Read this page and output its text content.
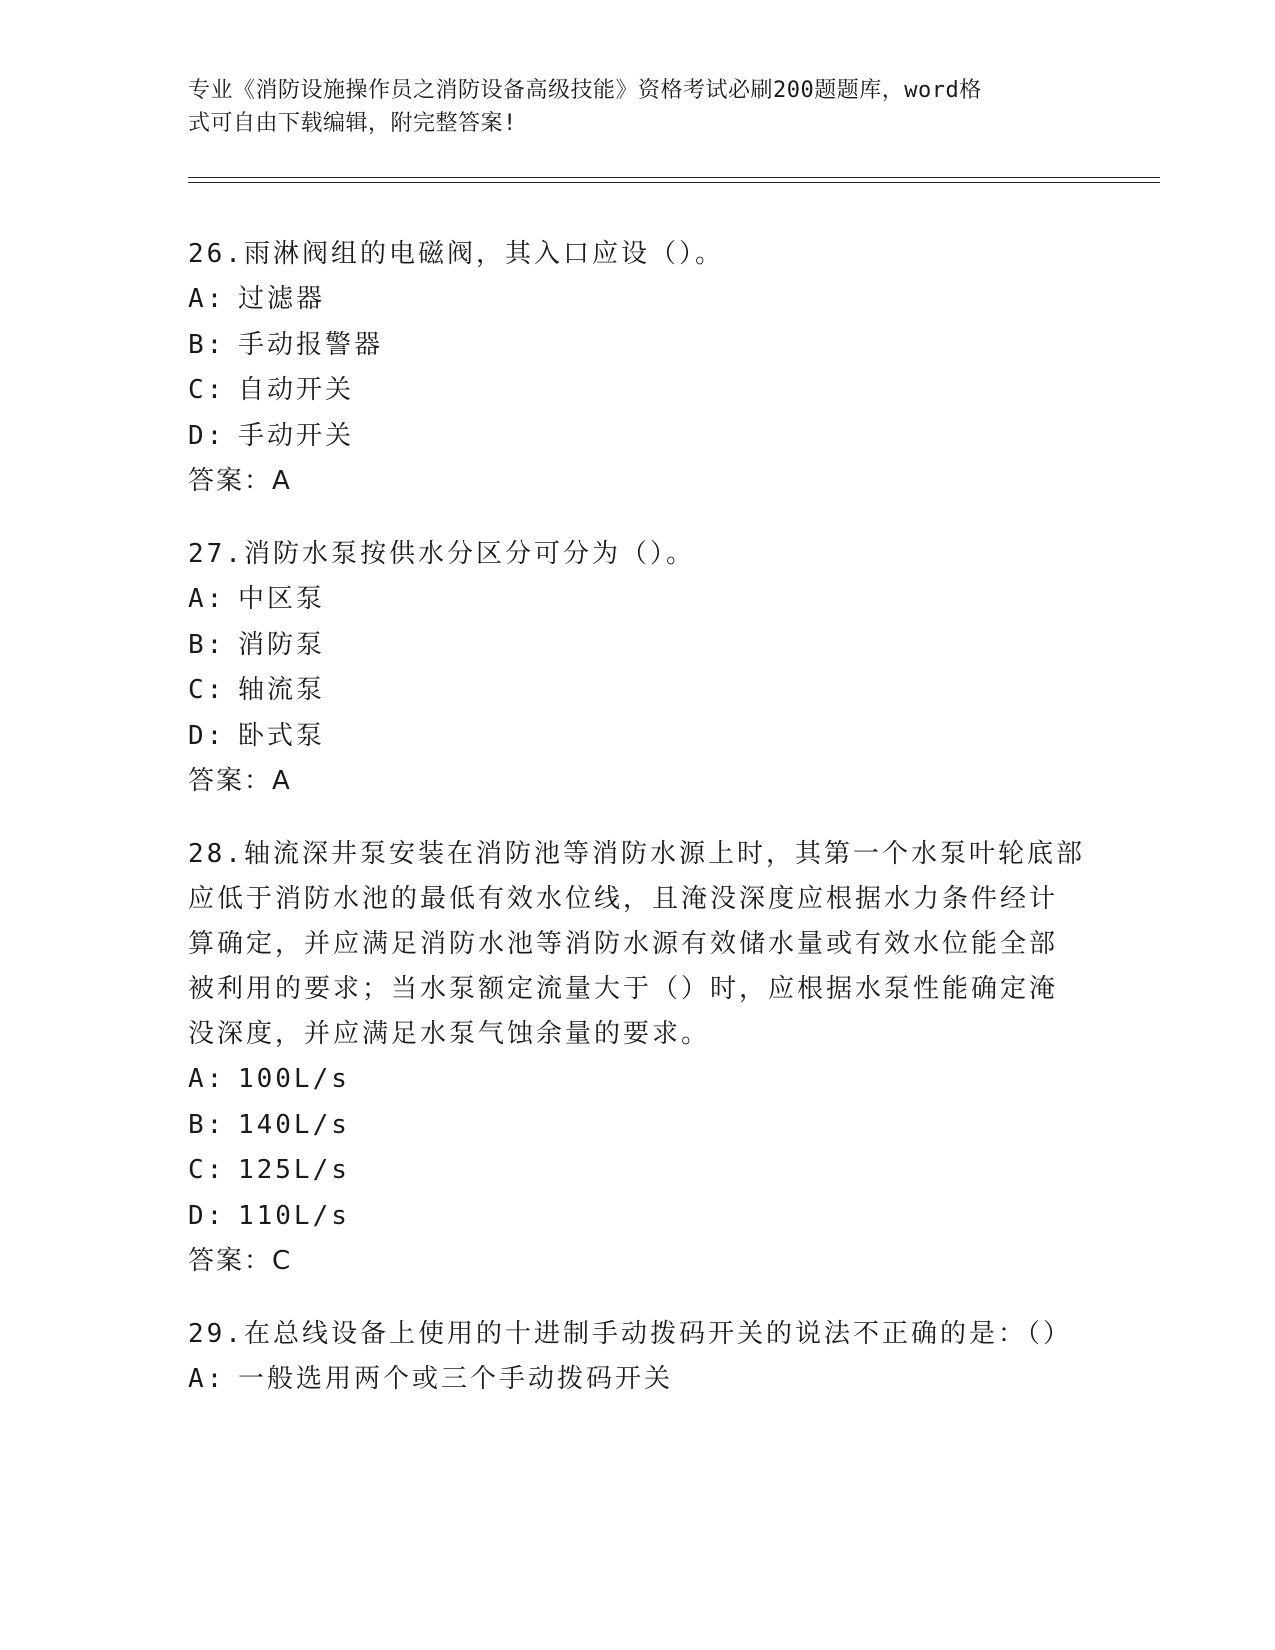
专业《消防设施操作员之消防设备高级技能》资格考试必刷200题题库，word格
式可自由下载编辑，附完整答案!
26.雨淋阀组的电磁阀，其入口应设（）。
A: 过滤器
B: 手动报警器
C: 自动开关
D: 手动开关
答案：A
27.消防水泵按供水分区分可分为（）。
A: 中区泵
B: 消防泵
C: 轴流泵
D: 卧式泵
答案：A
28.轴流深井泵安装在消防池等消防水源上时，其第一个水泵叶轮底部
应低于消防水池的最低有效水位线，且淹没深度应根据水力条件经计
算确定，并应满足消防水池等消防水源有效储水量或有效水位能全部
被利用的要求；当水泵额定流量大于（）时，应根据水泵性能确定淹
没深度，并应满足水泵气蚀余量的要求。
A: 100L/s
B: 140L/s
C: 125L/s
D: 110L/s
答案：C
29.在总线设备上使用的十进制手动拨码开关的说法不正确的是：（）
A: 一般选用两个或三个手动拨码开关
